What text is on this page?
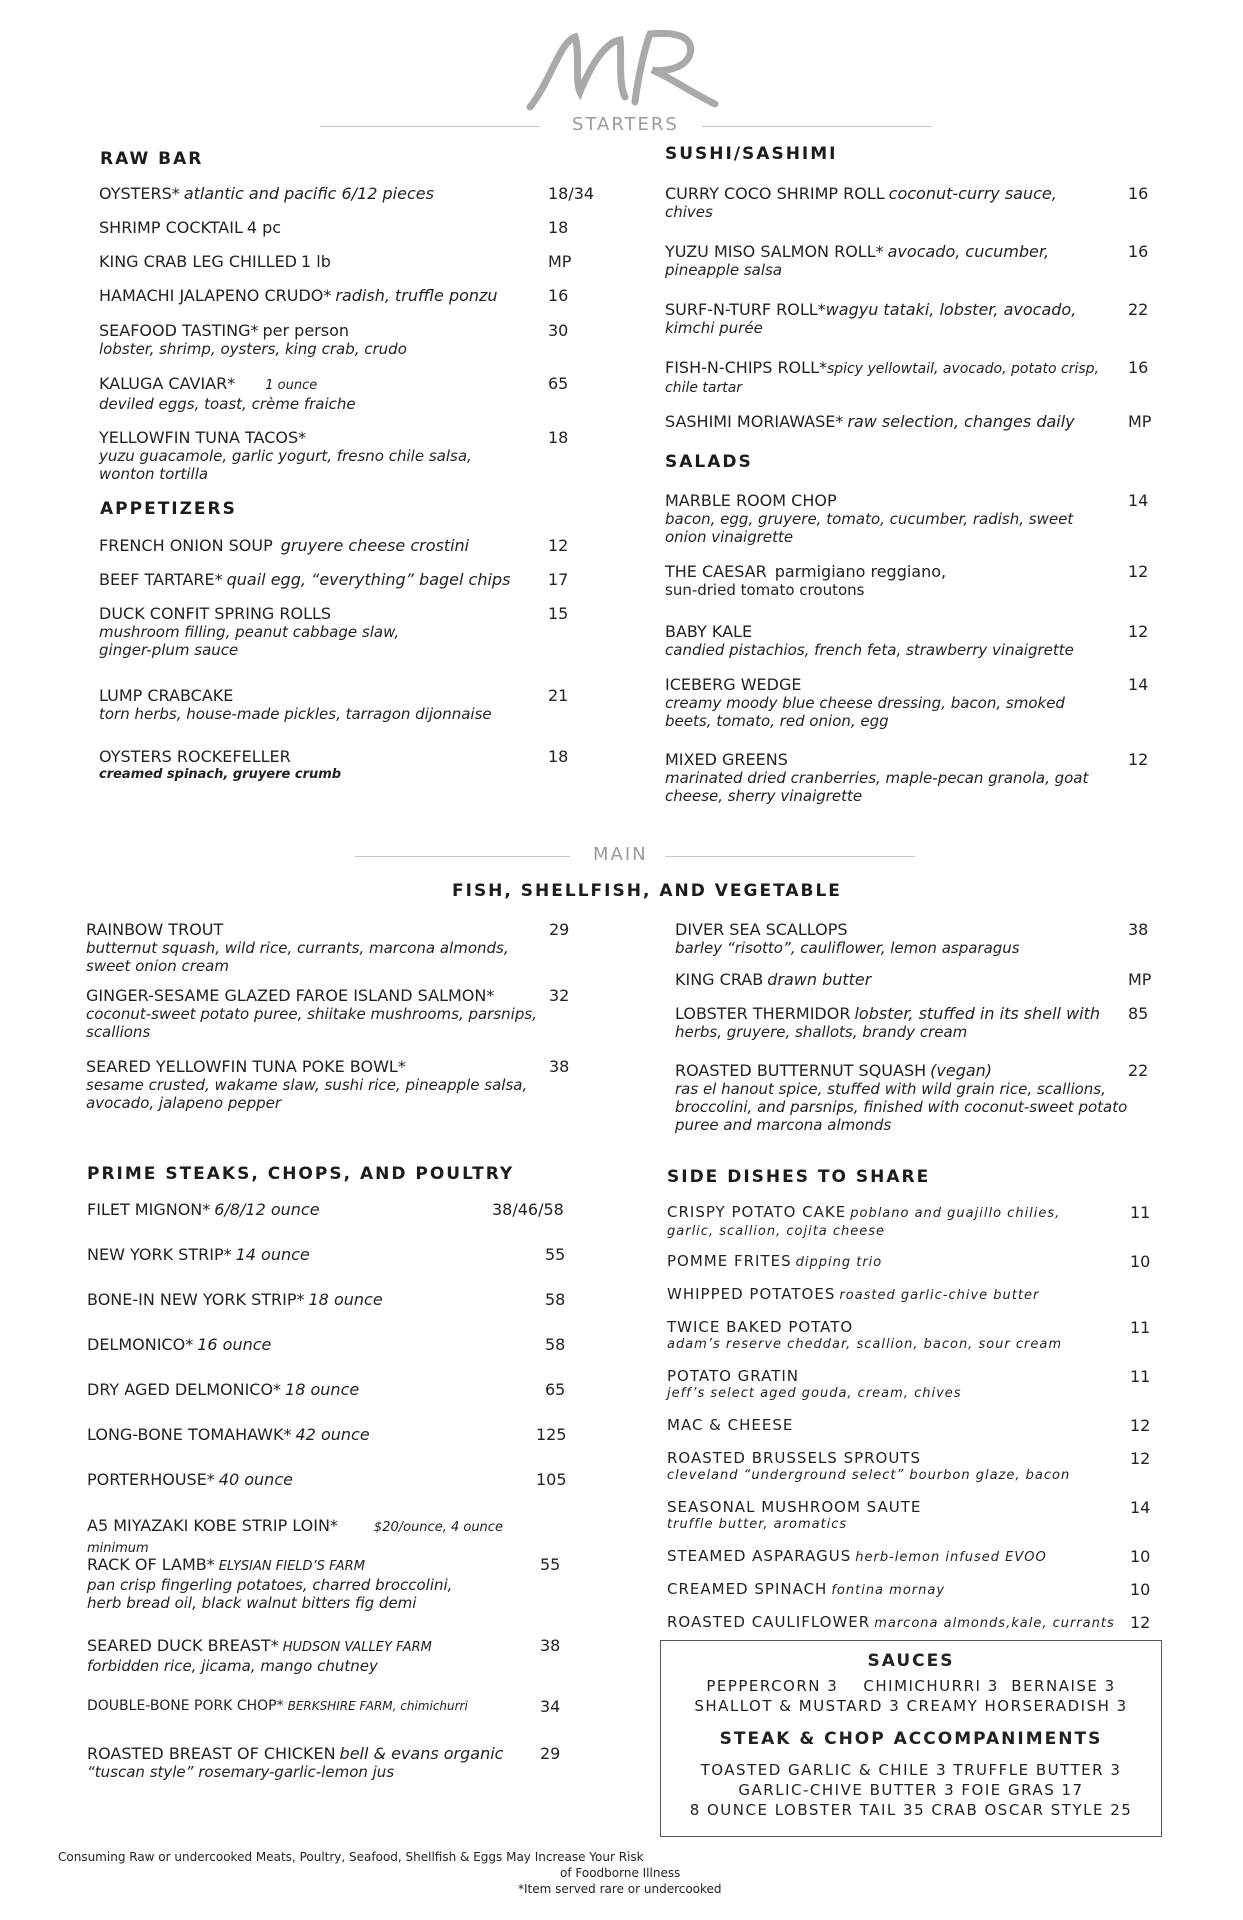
MR
STARTERS
RAW BAR
OYSTERS* atlantic and pacific 6/12 pieces	18/34
SHRIMP COCKTAIL 4 pc	18
KING CRAB LEG CHILLED 1 lb	MP
HAMACHI JALAPENO CRUDO* radish, truffle ponzu	16
SEAFOOD TASTING* per person
lobster, shrimp, oysters, king crab, crudo
30
KALUGA CAVIAR* 1 ounce
deviled eggs, toast, crème fraiche
65
YELLOWFIN TUNA TACOS*
yuzu guacamole, garlic yogurt, fresno chile salsa, wonton tortilla
18
APPETIZERS
FRENCH ONION SOUP gruyere cheese crostini	12
BEEF TARTARE* quail egg, “everything” bagel chips	17
DUCK CONFIT SPRING ROLLS
mushroom filling, peanut cabbage slaw, ginger-plum sauce
15
LUMP CRABCAKE
torn herbs, house-made pickles, tarragon dijonnaise
21
OYSTERS ROCKEFELLER
creamed spinach, gruyere crumb
18
SUSHI/SASHIMI
CURRY COCO SHRIMP ROLL coconut-curry sauce,
chives
16
YUZU MISO SALMON ROLL* avocado, cucumber,
pineapple salsa
16
SURF-N-TURF ROLL*wagyu tataki, lobster, avocado,
kimchi purée
22
FISH-N-CHIPS ROLL*spicy yellowtail, avocado, potato crisp,
chile tartar
16
SASHIMI MORIAWASE* raw selection, changes daily	MP
SALADS
MARBLE ROOM CHOP
bacon, egg, gruyere, tomato, cucumber, radish, sweet onion vinaigrette
14
THE CAESAR parmigiano reggiano,
sun-dried tomato croutons
12
BABY KALE
candied pistachios, french feta, strawberry vinaigrette
12
ICEBERG WEDGE
creamy moody blue cheese dressing, bacon, smoked beets, tomato, red onion, egg
14
MIXED GREENS
marinated dried cranberries, maple-pecan granola, goat cheese, sherry vinaigrette
12
MAIN
FISH, SHELLFISH, AND VEGETABLE
RAINBOW TROUT
butternut squash, wild rice, currants, marcona almonds, sweet onion cream
29
GINGER-SESAME GLAZED FAROE ISLAND SALMON*
coconut-sweet potato puree, shiitake mushrooms, parsnips, scallions
32
SEARED YELLOWFIN TUNA POKE BOWL*
sesame crusted, wakame slaw, sushi rice, pineapple salsa, avocado, jalapeno pepper
38
DIVER SEA SCALLOPS
barley “risotto”, cauliflower, lemon asparagus
38
KING CRAB drawn butter	MP
LOBSTER THERMIDOR lobster, stuffed in its shell with
herbs, gruyere, shallots, brandy cream
85
ROASTED BUTTERNUT SQUASH (vegan)
ras el hanout spice, stuffed with wild grain rice, scallions, broccolini, and parsnips, finished with coconut-sweet potato puree and marcona almonds
22
PRIME STEAKS, CHOPS, AND POULTRY
FILET MIGNON* 6/8/12 ounce	38/46/58
NEW YORK STRIP* 14 ounce	55
BONE-IN NEW YORK STRIP* 18 ounce	58
DELMONICO* 16 ounce	58
DRY AGED DELMONICO* 18 ounce	65
LONG-BONE TOMAHAWK* 42 ounce	125
PORTERHOUSE* 40 ounce	105
A5 MIYAZAKI KOBE STRIP LOIN*	$20/ounce, 4 ounce minimum
RACK OF LAMB* ELYSIAN FIELD’S FARM
pan crisp fingerling potatoes, charred broccolini, herb bread oil, black walnut bitters fig demi
55
SEARED DUCK BREAST* HUDSON VALLEY FARM
forbidden rice, jicama, mango chutney
38
DOUBLE-BONE PORK CHOP* BERKSHIRE FARM, chimichurri	34
ROASTED BREAST OF CHICKEN bell & evans organic
“tuscan style” rosemary-garlic-lemon jus
29
SIDE DISHES TO SHARE
CRISPY POTATO CAKE poblano and guajillo chilies,
garlic, scallion, cojita cheese
11
POMME FRITES dipping trio	10
WHIPPED POTATOES roasted garlic-chive butter
TWICE BAKED POTATO
adam’s reserve cheddar, scallion, bacon, sour cream
11
POTATO GRATIN
jeff’s select aged gouda, cream, chives
11
MAC & CHEESE	12
ROASTED BRUSSELS SPROUTS
cleveland “underground select” bourbon glaze, bacon
12
SEASONAL MUSHROOM SAUTE
truffle butter, aromatics
14
STEAMED ASPARAGUS herb-lemon infused EVOO	10
CREAMED SPINACH fontina mornay	10
ROASTED CAULIFLOWER marcona almonds,kale, currants 12
SAUCES
PEPPERCORN 3    CHIMICHURRI 3  BERNAISE 3
SHALLOT & MUSTARD 3 CREAMY HORSERADISH 3
STEAK & CHOP ACCOMPANIMENTS
TOASTED GARLIC & CHILE 3 TRUFFLE BUTTER 3
GARLIC-CHIVE BUTTER 3 FOIE GRAS 17
8 OUNCE LOBSTER TAIL 35 CRAB OSCAR STYLE 25
Consuming Raw or undercooked Meats, Poultry, Seafood, Shellfish & Eggs May Increase Your Risk
of Foodborne Illness
*Item served rare or undercooked
